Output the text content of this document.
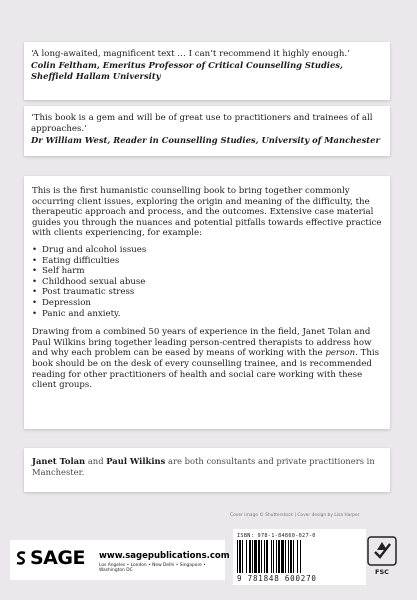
‘A long-awaited, magnificent text … I can’t recommend it highly enough.’

Colin Feltham, Emeritus Professor of Critical Counselling Studies, Sheffield Hallam University

‘This book is a gem and will be of great use to practitioners and trainees of all approaches.’

Dr William West, Reader in Counselling Studies, University of Manchester

This is the first humanistic counselling book to bring together commonly occurring client issues, exploring the origin and meaning of the difficulty, the therapeutic approach and process, and the outcomes. Extensive case material guides you through the nuances and potential pitfalls towards effective practice with clients experiencing, for example:

• Drug and alcohol issues
• Eating difficulties
• Self harm
• Childhood sexual abuse
• Post traumatic stress
• Depression
• Panic and anxiety.

Drawing from a combined 50 years of experience in the field, Janet Tolan and Paul Wilkins bring together leading person-centred therapists to address how and why each problem can be eased by means of working with the person. This book should be on the desk of every counselling trainee, and is recommended reading for other practitioners of health and social care working with these client groups.

Janet Tolan and Paul Wilkins are both consultants and private practitioners in Manchester.

Cover image © Shutterstock | Cover design by Lisa Harper
ISBN: 978-1-84860-027-0
9 781848 600270
FSC
SAGE www.sagepublications.com
Los Angeles • London • New Delhi • Singapore • Washington DC
